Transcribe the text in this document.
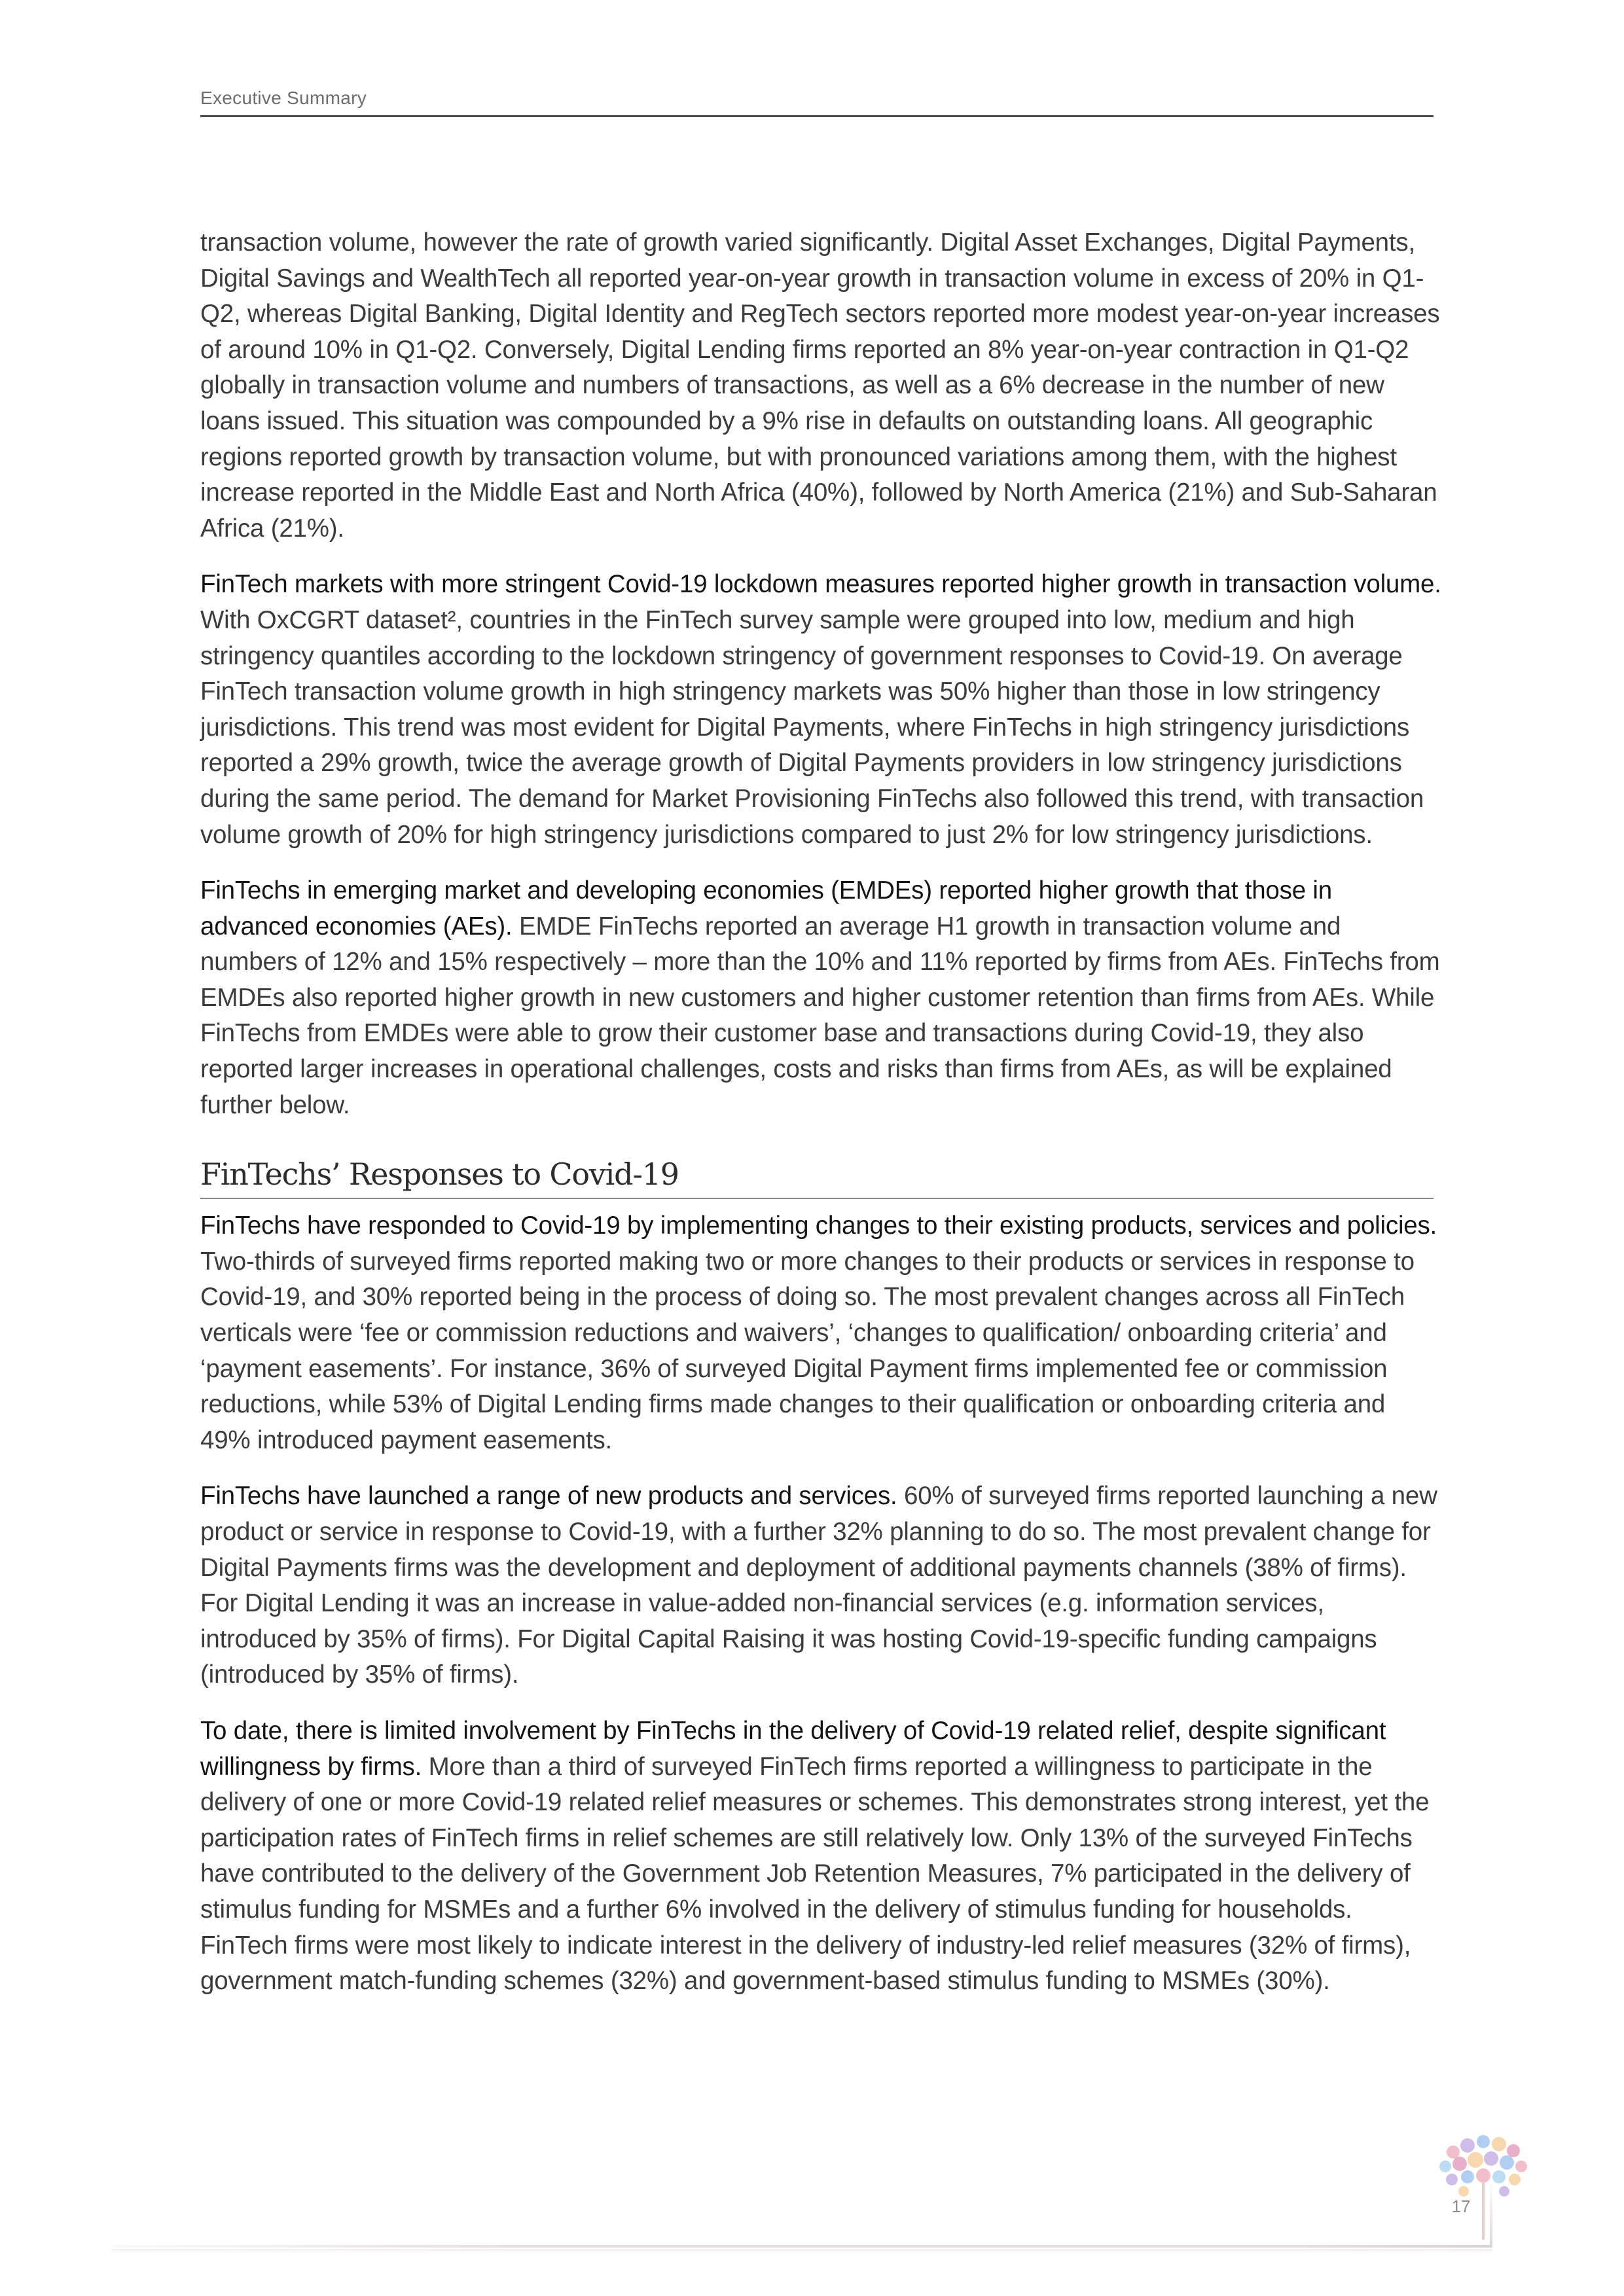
Executive Summary

transaction volume, however the rate of growth varied significantly. Digital Asset Exchanges, Digital Payments, Digital Savings and WealthTech all reported year-on-year growth in transaction volume in excess of 20% in Q1-Q2, whereas Digital Banking, Digital Identity and RegTech sectors reported more modest year-on-year increases of around 10% in Q1-Q2. Conversely, Digital Lending firms reported an 8% year-on-year contraction in Q1-Q2 globally in transaction volume and numbers of transactions, as well as a 6% decrease in the number of new loans issued. This situation was compounded by a 9% rise in defaults on outstanding loans. All geographic regions reported growth by transaction volume, but with pronounced variations among them, with the highest increase reported in the Middle East and North Africa (40%), followed by North America (21%) and Sub-Saharan Africa (21%).

FinTech markets with more stringent Covid-19 lockdown measures reported higher growth in transaction volume. With OxCGRT dataset², countries in the FinTech survey sample were grouped into low, medium and high stringency quantiles according to the lockdown stringency of government responses to Covid-19. On average FinTech transaction volume growth in high stringency markets was 50% higher than those in low stringency jurisdictions. This trend was most evident for Digital Payments, where FinTechs in high stringency jurisdictions reported a 29% growth, twice the average growth of Digital Payments providers in low stringency jurisdictions during the same period. The demand for Market Provisioning FinTechs also followed this trend, with transaction volume growth of 20% for high stringency jurisdictions compared to just 2% for low stringency jurisdictions.

FinTechs in emerging market and developing economies (EMDEs) reported higher growth that those in advanced economies (AEs). EMDE FinTechs reported an average H1 growth in transaction volume and numbers of 12% and 15% respectively – more than the 10% and 11% reported by firms from AEs. FinTechs from EMDEs also reported higher growth in new customers and higher customer retention than firms from AEs. While FinTechs from EMDEs were able to grow their customer base and transactions during Covid-19, they also reported larger increases in operational challenges, costs and risks than firms from AEs, as will be explained further below.

FinTechs’ Responses to Covid-19

FinTechs have responded to Covid-19 by implementing changes to their existing products, services and policies. Two-thirds of surveyed firms reported making two or more changes to their products or services in response to Covid-19, and 30% reported being in the process of doing so. The most prevalent changes across all FinTech verticals were ‘fee or commission reductions and waivers’, ‘changes to qualification/ onboarding criteria’ and ‘payment easements’. For instance, 36% of surveyed Digital Payment firms implemented fee or commission reductions, while 53% of Digital Lending firms made changes to their qualification or onboarding criteria and 49% introduced payment easements.

FinTechs have launched a range of new products and services. 60% of surveyed firms reported launching a new product or service in response to Covid-19, with a further 32% planning to do so. The most prevalent change for Digital Payments firms was the development and deployment of additional payments channels (38% of firms). For Digital Lending it was an increase in value-added non-financial services (e.g. information services, introduced by 35% of firms). For Digital Capital Raising it was hosting Covid-19-specific funding campaigns (introduced by 35% of firms).

To date, there is limited involvement by FinTechs in the delivery of Covid-19 related relief, despite significant willingness by firms. More than a third of surveyed FinTech firms reported a willingness to participate in the delivery of one or more Covid-19 related relief measures or schemes. This demonstrates strong interest, yet the participation rates of FinTech firms in relief schemes are still relatively low. Only 13% of the surveyed FinTechs have contributed to the delivery of the Government Job Retention Measures, 7% participated in the delivery of stimulus funding for MSMEs and a further 6% involved in the delivery of stimulus funding for households. FinTech firms were most likely to indicate interest in the delivery of industry-led relief measures (32% of firms), government match-funding schemes (32%) and government-based stimulus funding to MSMEs (30%).

17
